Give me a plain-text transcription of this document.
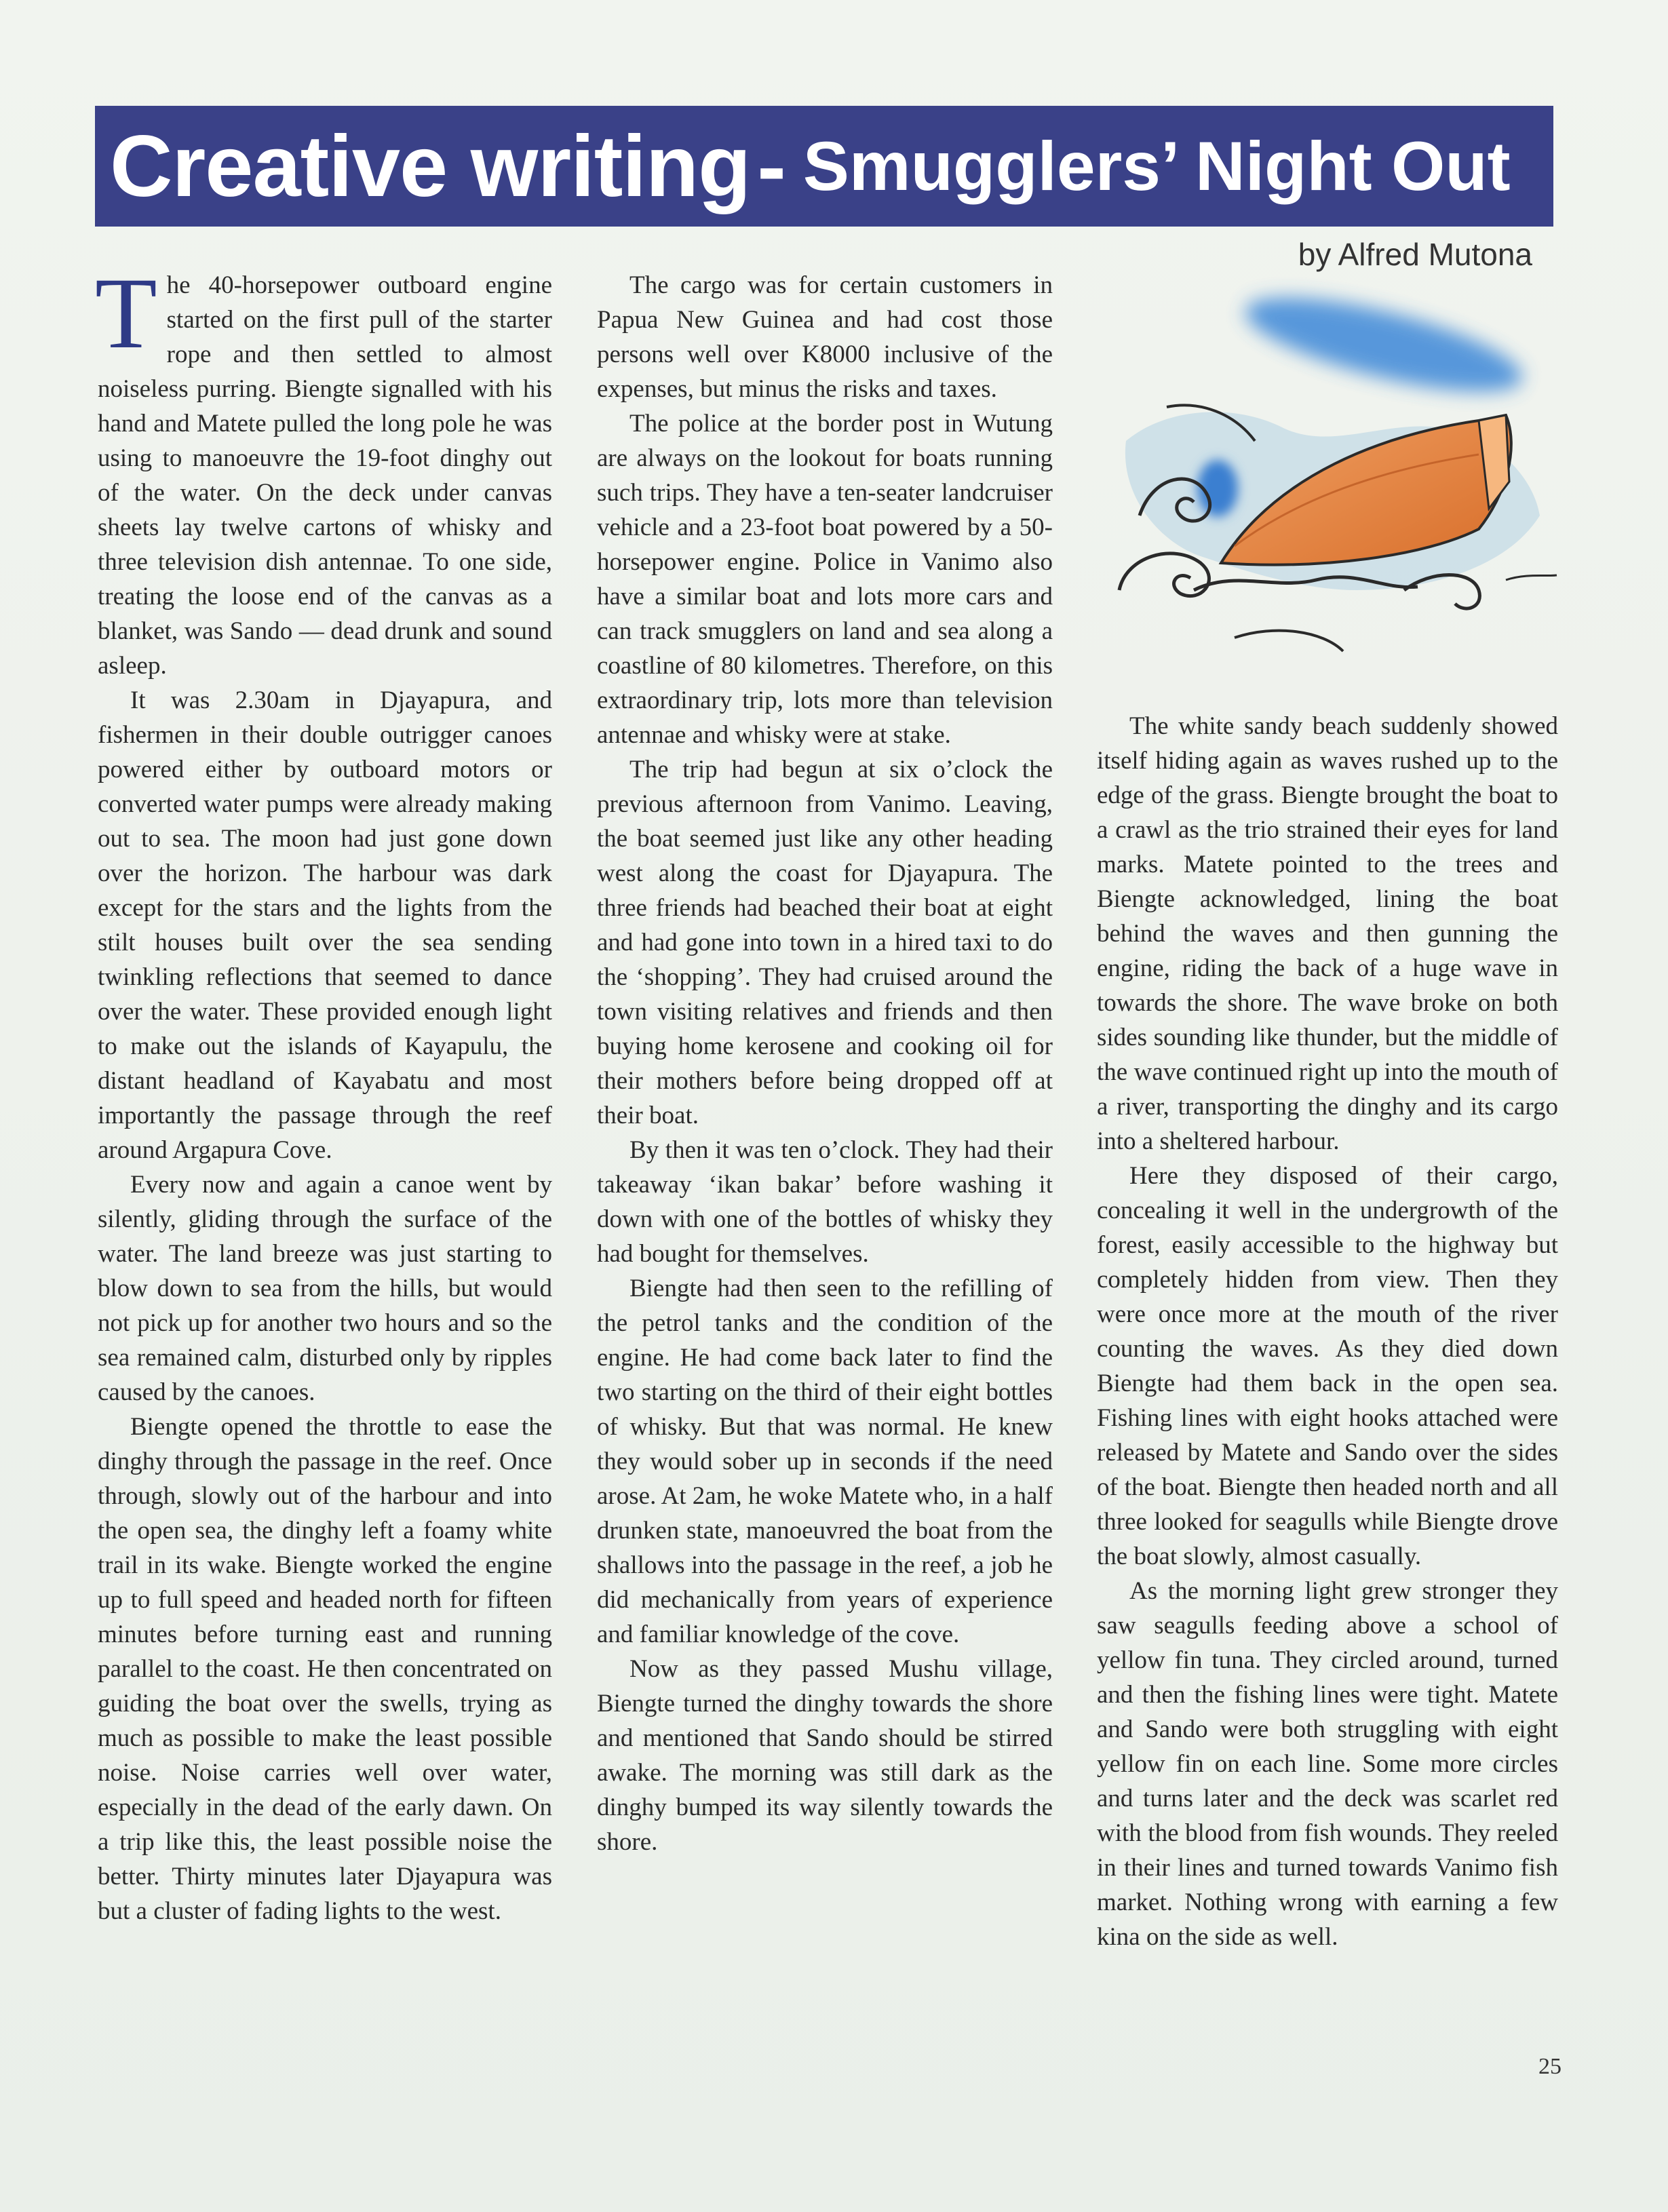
Creative writing - Smugglers’ Night Out
by Alfred Mutona

The 40-horsepower outboard engine started on the first pull of the starter rope and then settled to almost noiseless purring. Biengte signalled with his hand and Matete pulled the long pole he was using to manoeuvre the 19-foot dinghy out of the water. On the deck under canvas sheets lay twelve cartons of whisky and three television dish antennae. To one side, treating the loose end of the canvas as a blanket, was Sando — dead drunk and sound asleep.

It was 2.30am in Djayapura, and fishermen in their double outrigger canoes powered either by outboard motors or converted water pumps were already making out to sea. The moon had just gone down over the horizon. The harbour was dark except for the stars and the lights from the stilt houses built over the sea sending twinkling reflections that seemed to dance over the water. These provided enough light to make out the islands of Kayapulu, the distant headland of Kayabatu and most importantly the passage through the reef around Argapura Cove.

Every now and again a canoe went by silently, gliding through the surface of the water. The land breeze was just starting to blow down to sea from the hills, but would not pick up for another two hours and so the sea remained calm, disturbed only by ripples caused by the canoes.

Biengte opened the throttle to ease the dinghy through the passage in the reef. Once through, slowly out of the harbour and into the open sea, the dinghy left a foamy white trail in its wake. Biengte worked the engine up to full speed and headed north for fifteen minutes before turning east and running parallel to the coast. He then concentrated on guiding the boat over the swells, trying as much as possible to make the least possible noise. Noise carries well over water, especially in the dead of the early dawn. On a trip like this, the least possible noise the better. Thirty minutes later Djayapura was but a cluster of fading lights to the west.

The cargo was for certain customers in Papua New Guinea and had cost those persons well over K8000 inclusive of the expenses, but minus the risks and taxes.

The police at the border post in Wutung are always on the lookout for boats running such trips. They have a ten-seater landcruiser vehicle and a 23-foot boat powered by a 50-horsepower engine. Police in Vanimo also have a similar boat and lots more cars and can track smugglers on land and sea along a coastline of 80 kilometres. Therefore, on this extraordinary trip, lots more than television antennae and whisky were at stake.

The trip had begun at six o’clock the previous afternoon from Vanimo. Leaving, the boat seemed just like any other heading west along the coast for Djayapura. The three friends had beached their boat at eight and had gone into town in a hired taxi to do the ‘shopping’. They had cruised around the town visiting relatives and friends and then buying home kerosene and cooking oil for their mothers before being dropped off at their boat.

By then it was ten o’clock. They had their takeaway ‘ikan bakar’ before washing it down with one of the bottles of whisky they had bought for themselves.

Biengte had then seen to the refilling of the petrol tanks and the condition of the engine. He had come back later to find the two starting on the third of their eight bottles of whisky. But that was normal. He knew they would sober up in seconds if the need arose. At 2am, he woke Matete who, in a half drunken state, manoeuvred the boat from the shallows into the passage in the reef, a job he did mechanically from years of experience and familiar knowledge of the cove.

Now as they passed Mushu village, Biengte turned the dinghy towards the shore and mentioned that Sando should be stirred awake. The morning was still dark as the dinghy bumped its way silently towards the shore.

The white sandy beach suddenly showed itself hiding again as waves rushed up to the edge of the grass. Biengte brought the boat to a crawl as the trio strained their eyes for land marks. Matete pointed to the trees and Biengte acknowledged, lining the boat behind the waves and then gunning the engine, riding the back of a huge wave in towards the shore. The wave broke on both sides sounding like thunder, but the middle of the wave continued right up into the mouth of a river, transporting the dinghy and its cargo into a sheltered harbour.

Here they disposed of their cargo, concealing it well in the undergrowth of the forest, easily accessible to the highway but completely hidden from view. Then they were once more at the mouth of the river counting the waves. As they died down Biengte had them back in the open sea. Fishing lines with eight hooks attached were released by Matete and Sando over the sides of the boat. Biengte then headed north and all three looked for seagulls while Biengte drove the boat slowly, almost casually.

As the morning light grew stronger they saw seagulls feeding above a school of yellow fin tuna. They circled around, turned and then the fishing lines were tight. Matete and Sando were both struggling with eight yellow fin on each line. Some more circles and turns later and the deck was scarlet red with the blood from fish wounds. They reeled in their lines and turned towards Vanimo fish market. Nothing wrong with earning a few kina on the side as well.

25
